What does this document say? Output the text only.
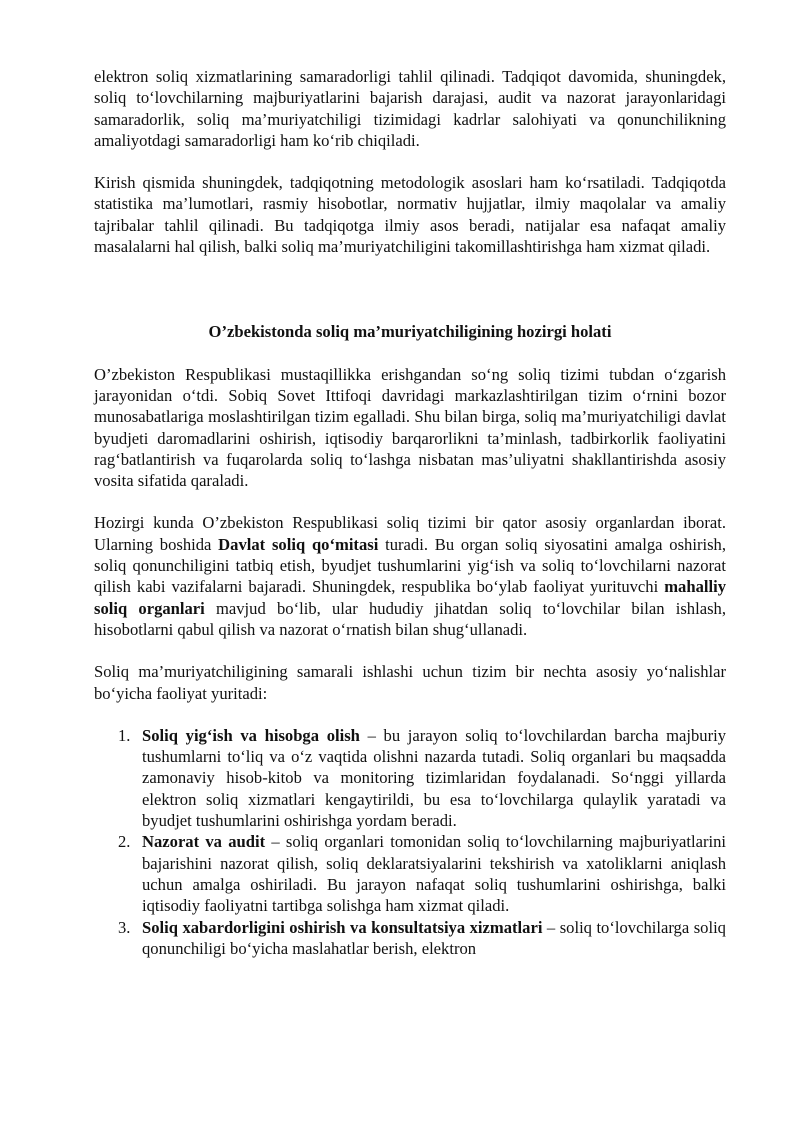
elektron soliq xizmatlarining samaradorligi tahlil qilinadi. Tadqiqot davomida, shuningdek, soliq to‘lovchilarning majburiyatlarini bajarish darajasi, audit va nazorat jarayonlaridagi samaradorlik, soliq ma’muriyatchiligi tizimidagi kadrlar salohiyati va qonunchilikning amaliyotdagi samaradorligi ham ko‘rib chiqiladi.

Kirish qismida shuningdek, tadqiqotning metodologik asoslari ham ko‘rsatiladi. Tadqiqotda statistika ma’lumotlari, rasmiy hisobotlar, normativ hujjatlar, ilmiy maqolalar va amaliy tajribalar tahlil qilinadi. Bu tadqiqotga ilmiy asos beradi, natijalar esa nafaqat amaliy masalalarni hal qilish, balki soliq ma’muriyatchiligini takomillashtirishga ham xizmat qiladi.

O’zbekistonda soliq ma’muriyatchiligining hozirgi holati

O’zbekiston Respublikasi mustaqillikka erishgandan so‘ng soliq tizimi tubdan o‘zgarish jarayonidan o‘tdi. Sobiq Sovet Ittifoqi davridagi markazlashtirilgan tizim o‘rnini bozor munosabatlariga moslashtirilgan tizim egalladi. Shu bilan birga, soliq ma’muriyatchiligi davlat byudjeti daromadlarini oshirish, iqtisodiy barqarorlikni ta’minlash, tadbirkorlik faoliyatini rag‘batlantirish va fuqarolarda soliq to‘lashga nisbatan mas’uliyatni shakllantirishda asosiy vosita sifatida qaraladi.

Hozirgi kunda O’zbekiston Respublikasi soliq tizimi bir qator asosiy organlardan iborat. Ularning boshida Davlat soliq qo‘mitasi turadi. Bu organ soliq siyosatini amalga oshirish, soliq qonunchiligini tatbiq etish, byudjet tushumlarini yig‘ish va soliq to‘lovchilarni nazorat qilish kabi vazifalarni bajaradi. Shuningdek, respublika bo‘ylab faoliyat yurituvchi mahalliy soliq organlari mavjud bo‘lib, ular hududiy jihatdan soliq to‘lovchilar bilan ishlash, hisobotlarni qabul qilish va nazorat o‘rnatish bilan shug‘ullanadi.

Soliq ma’muriyatchiligining samarali ishlashi uchun tizim bir nechta asosiy yo‘nalishlar bo‘yicha faoliyat yuritadi:

1. Soliq yig‘ish va hisobga olish – bu jarayon soliq to‘lovchilardan barcha majburiy tushumlarni to‘liq va o‘z vaqtida olishni nazarda tutadi. Soliq organlari bu maqsadda zamonaviy hisob-kitob va monitoring tizimlaridan foydalanadi. So‘nggi yillarda elektron soliq xizmatlari kengaytirildi, bu esa to‘lovchilarga qulaylik yaratadi va byudjet tushumlarini oshirishga yordam beradi.
2. Nazorat va audit – soliq organlari tomonidan soliq to‘lovchilarning majburiyatlarini bajarishini nazorat qilish, soliq deklaratsiyalarini tekshirish va xatoliklarni aniqlash uchun amalga oshiriladi. Bu jarayon nafaqat soliq tushumlarini oshirishga, balki iqtisodiy faoliyatni tartibga solishga ham xizmat qiladi.
3. Soliq xabardorligini oshirish va konsultatsiya xizmatlari – soliq to‘lovchilarga soliq qonunchiligi bo‘yicha maslahatlar berish, elektron
